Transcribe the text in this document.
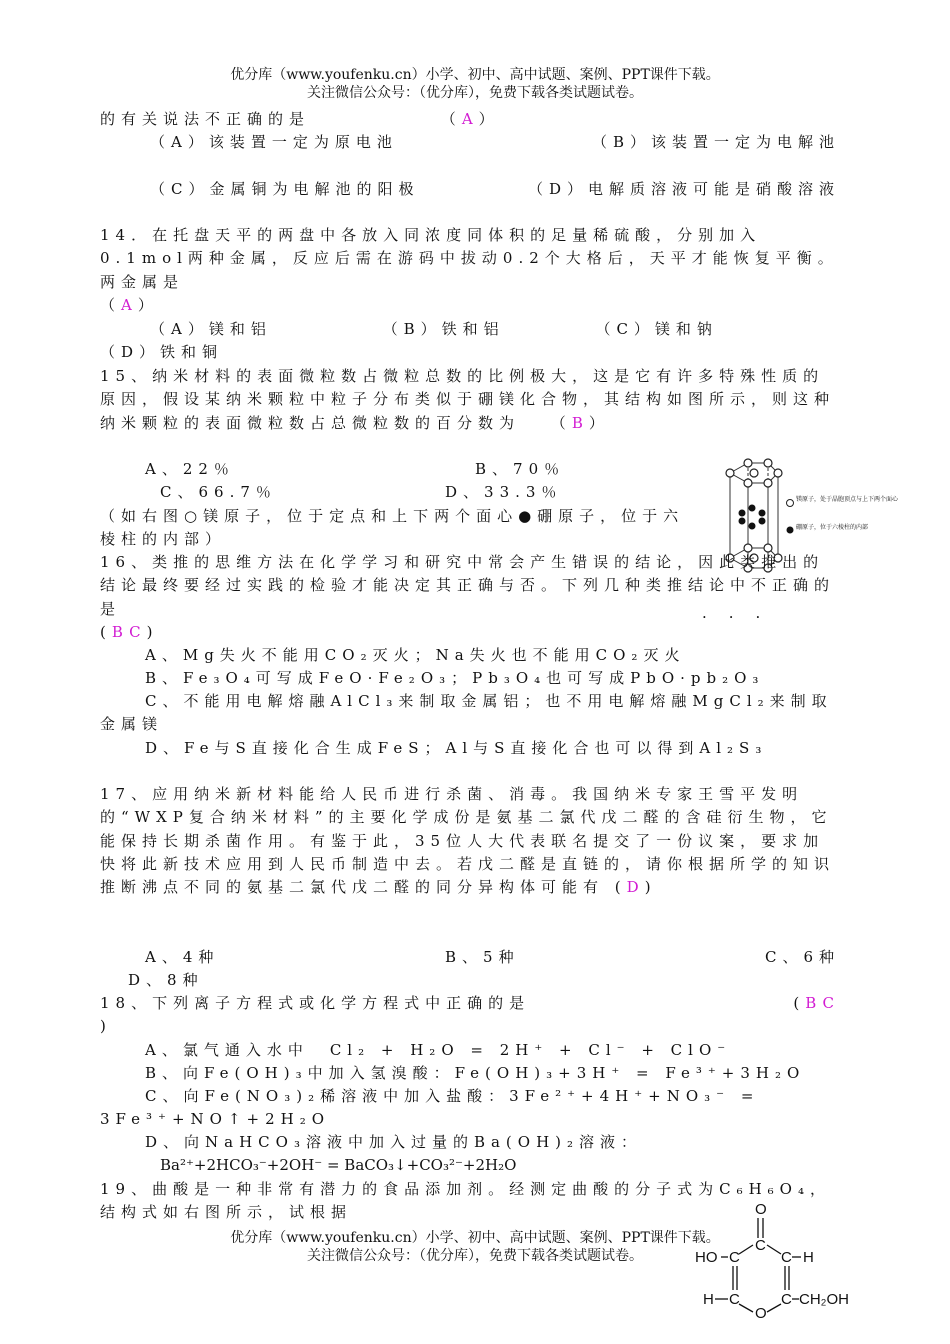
优分库（www.youfenku.cn）小学、初中、高中试题、案例、PPT课件下载。
关注微信公众号：（优分库），免费下载各类试题试卷。
的有关说法不正确的是	（A）
（A）该装置一定为原电池	（B）该装置一定为电解池
（C）金属铜为电解池的阳极	（D）电解质溶液可能是硝酸溶液
14．在托盘天平的两盘中各放入同浓度同体积的足量稀硫酸，分别加入0.1mol两种金属，反应后需在游码中拔动0.2个大格后，天平才能恢复平衡。两金属是
（A）
（A）镁和铝	（B）铁和铝	（C）镁和钠
（D）铁和铜
15、纳米材料的表面微粒数占微粒总数的比例极大，这是它有许多特殊性质的原因，假设某纳米颗粒中粒子分布类似于硼镁化合物，其结构如图所示，则这种纳米颗粒的表面微粒数占总微粒数的百分数为 （B）
A、22％	B、70％
C、66.7％	D、33.3％
（如右图○镁原子，位于定点和上下两个面心●硼原子，位于六棱柱的内部）
镁原子，处于晶胞顶点与上下两个面心
硼原子，位于六棱柱的内部
16、类推的思维方法在化学学习和研究中常会产生错误的结论，因此类推出的结论最终要经过实践的检验才能决定其正确与否。下列几种类推结论中不正确的是
(BC)
···
A、Mg失火不能用CO₂灭火；Na失火也不能用CO₂灭火
B、Fe₃O₄可写成FeO·Fe₂O₃；Pb₃O₄也可写成PbO·pb₂O₃
C、不能用电解熔融AlCl₃来制取金属铝；也不用电解熔融MgCl₂来制取金属镁
D、Fe与S直接化合生成FeS；Al与S直接化合也可以得到Al₂S₃
17、应用纳米新材料能给人民币进行杀菌、消毒。我国纳米专家王雪平发明的“WXP复合纳米材料”的主要化学成份是氨基二氯代戊二醛的含硅衍生物，它能保持长期杀菌作用。有鉴于此，35位人大代表联名提交了一份议案，要求加快将此新技术应用到人民币制造中去。若戊二醛是直链的，请你根据所学的知识推断沸点不同的氨基二氯代戊二醛的同分异构体可能有 (D)
A、4种	B、5种	C、6种
D、8种
18、下列离子方程式或化学方程式中正确的是	(BC

)
A、氯气通入水中　Cl₂ + H₂O = 2H⁺ + Cl⁻ + ClO⁻
B、向Fe(OH)₃中加入氢溴酸：Fe(OH)₃+3H⁺ = Fe³⁺+3H₂O
C、向Fe(NO₃)₂稀溶液中加入盐酸：3Fe²⁺+4H⁺+NO₃⁻ = 3Fe³⁺+NO↑+2H₂O
D、向NaHCO₃溶液中加入过量的Ba(OH)₂溶液：
Ba²⁺+2HCO₃⁻+2OH⁻ = BaCO₃↓+CO₃²⁻+2H₂O
19、曲酸是一种非常有潜力的食品添加剂。经测定曲酸的分子式为C₆H₆O₄，结构式如右图所示，试根据
优分库（www.youfenku.cn）小学、初中、高中试题、案例、PPT课件下载。
关注微信公众号：（优分库），免费下载各类试题试卷。
O
HO C
C
C H
H C
O
C CH₂OH
